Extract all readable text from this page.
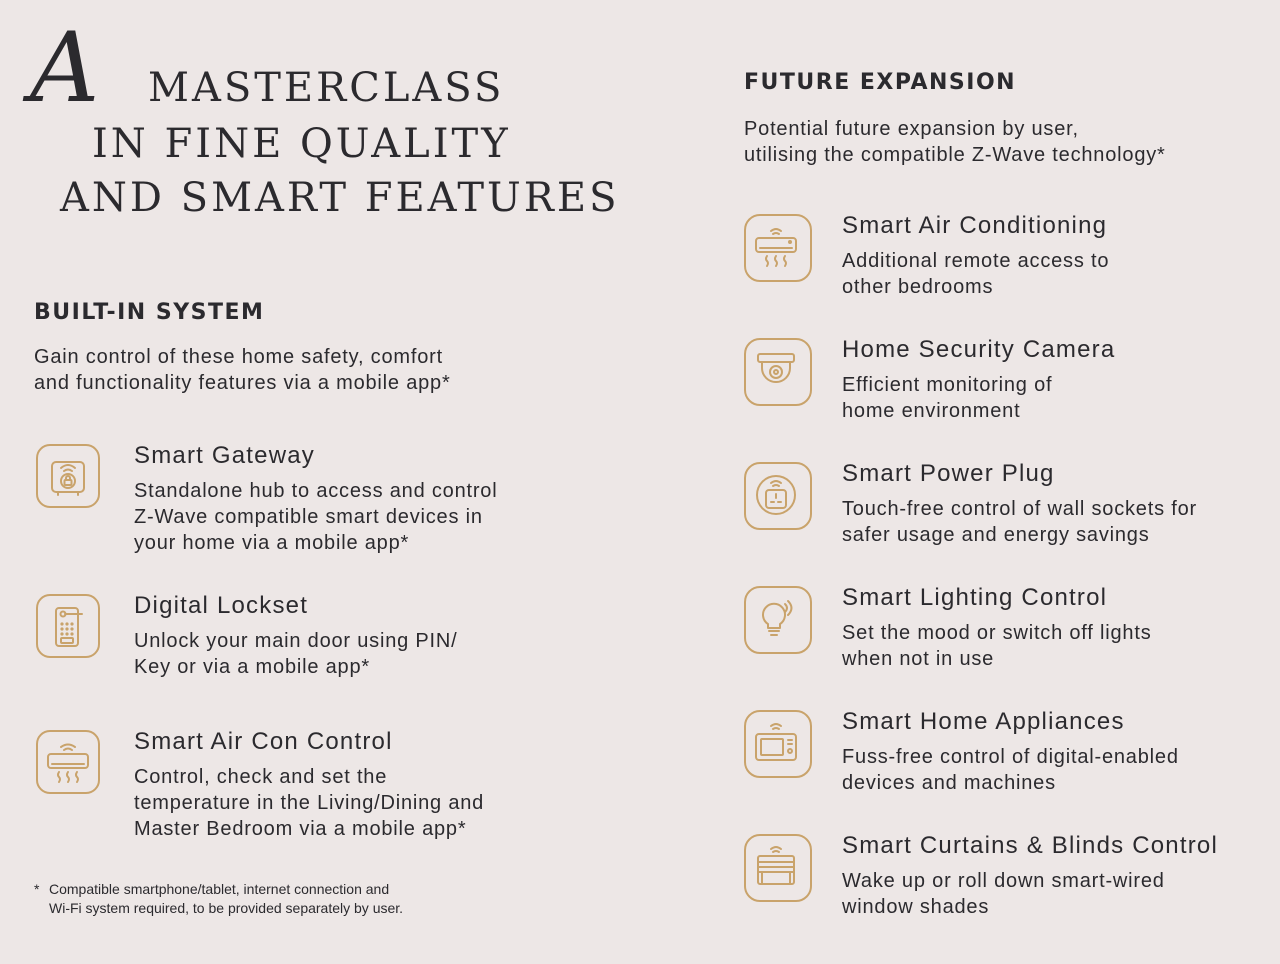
A MASTERCLASS
IN FINE QUALITY
AND SMART FEATURES
BUILT-IN SYSTEM
Gain control of these home safety, comfort
and functionality features via a mobile app*
Smart Gateway
Standalone hub to access and control
Z-Wave compatible smart devices in
your home via a mobile app*
Digital Lockset
Unlock your main door using PIN/
Key or via a mobile app*
Smart Air Con Control
Control, check and set the
temperature in the Living/Dining and
Master Bedroom via a mobile app*
* Compatible smartphone/tablet, internet connection and
Wi-Fi system required, to be provided separately by user.
FUTURE EXPANSION
Potential future expansion by user,
utilising the compatible Z-Wave technology*
Smart Air Conditioning
Additional remote access to
other bedrooms
Home Security Camera
Efficient monitoring of
home environment
Smart Power Plug
Touch-free control of wall sockets for
safer usage and energy savings
Smart Lighting Control
Set the mood or switch off lights
when not in use
Smart Home Appliances
Fuss-free control of digital-enabled
devices and machines
Smart Curtains & Blinds Control
Wake up or roll down smart-wired
window shades
